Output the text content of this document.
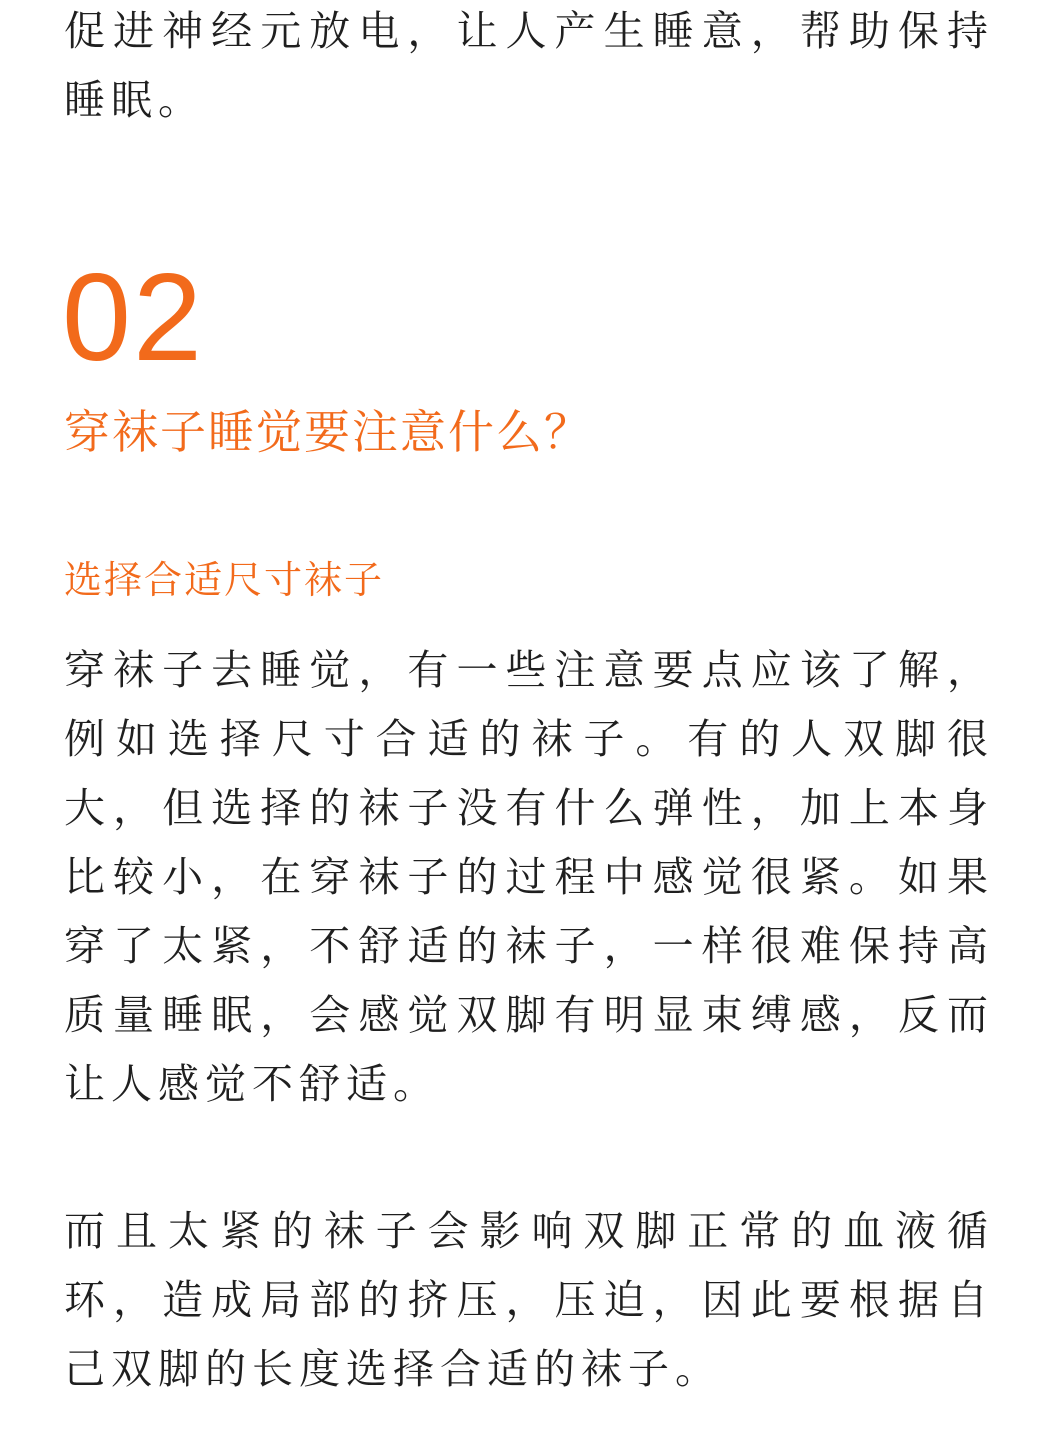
促进神经元放电，让人产生睡意，帮助保持睡眠。

02
穿袜子睡觉要注意什么？
选择合适尺寸袜子

穿袜子去睡觉，有一些注意要点应该了解，例如选择尺寸合适的袜子。有的人双脚很大，但选择的袜子没有什么弹性，加上本身比较小，在穿袜子的过程中感觉很紧。如果穿了太紧，不舒适的袜子，一样很难保持高质量睡眠，会感觉双脚有明显束缚感，反而让人感觉不舒适。

而且太紧的袜子会影响双脚正常的血液循环，造成局部的挤压，压迫，因此要根据自己双脚的长度选择合适的袜子。
